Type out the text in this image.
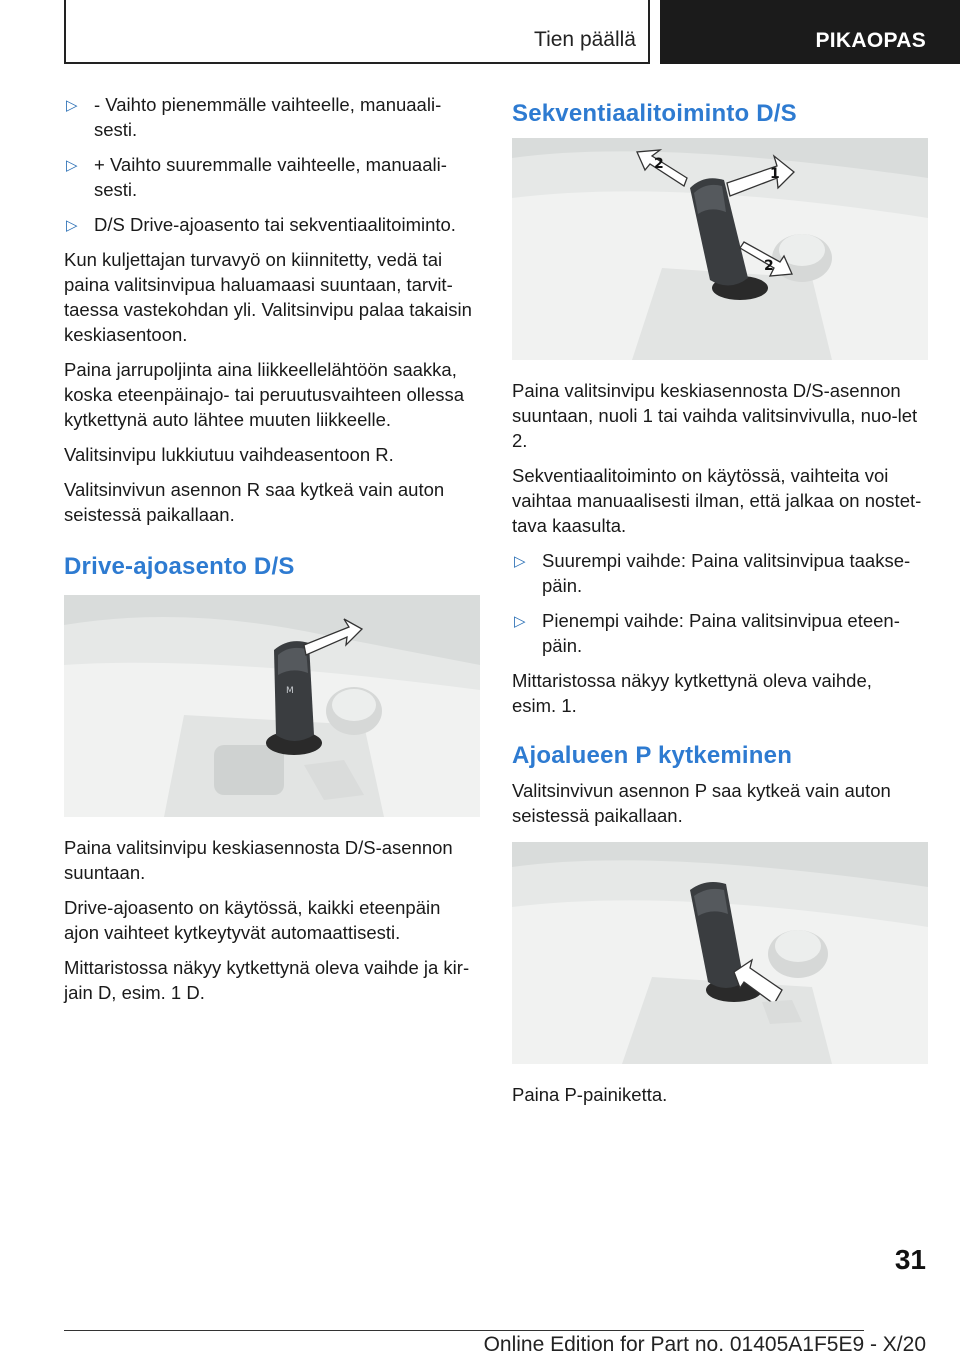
Tien päällä	PIKAOPAS
▷ - Vaihto pienemmälle vaihteelle, manuaali-
sesti.
▷ + Vaihto suuremmalle vaihteelle, manuaali-
sesti.
▷ D/S Drive-ajoasento tai sekventiaalitoiminto.

Kun kuljettajan turvavyö on kiinnitetty, vedä tai paina valitsinvipua haluamaasi suuntaan, tarvit-taessa vastekohdan yli. Valitsinvipu palaa takaisin keskiasentoon.

Paina jarrupoljinta aina liikkeellelähtöön saakka, koska eteenpäinajo- tai peruutusvaihteen ollessa kytkettynä auto lähtee muuten liikkeelle.

Valitsinvipu lukkiutuu vaihdeasentoon R.

Valitsinvivun asennon R saa kytkeä vain auton seistessä paikallaan.

Drive-ajoasento D/S
M

Paina valitsinvipu keskiasennosta D/S-asennon suuntaan.

Drive-ajoasento on käytössä, kaikki eteenpäin ajon vaihteet kytkeytyvät automaattisesti.

Mittaristossa näkyy kytkettynä oleva vaihde ja kir-jain D, esim. 1 D.

Sekventiaalitoiminto D/S
1
2
2

Paina valitsinvipu keskiasennosta D/S-asennon suuntaan, nuoli 1 tai vaihda valitsinvivulla, nuo-let 2.

Sekventiaalitoiminto on käytössä, vaihteita voi vaihtaa manuaalisesti ilman, että jalkaa on nostet-tava kaasulta.

▷ Suurempi vaihde: Paina valitsinvipua taakse-
päin.
▷ Pienempi vaihde: Paina valitsinvipua eteen-
päin.

Mittaristossa näkyy kytkettynä oleva vaihde,
esim. 1.

Ajoalueen P kytkeminen

Valitsinvivun asennon P saa kytkeä vain auton seistessä paikallaan.

Paina P-painiketta.

31
Online Edition for Part no. 01405A1F5E9 - X/20
